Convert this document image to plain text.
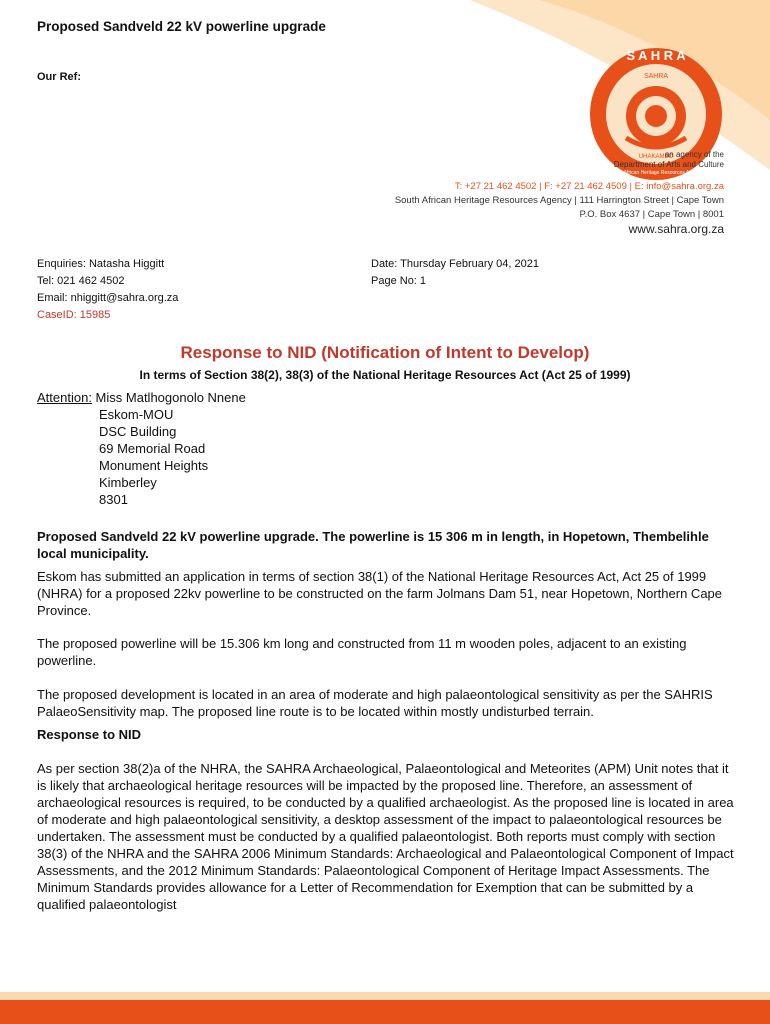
Proposed Sandveld 22 kV powerline upgrade
Our Ref:
S A H R A
SAHRA
UHAKAMBO
South African Heritage Resources Agency
an agency of the
Department of Arts and Culture
T: +27 21 462 4502 | F: +27 21 462 4509 | E: info@sahra.org.za
South African Heritage Resources Agency | 111 Harrington Street | Cape Town
P.O. Box 4637 | Cape Town | 8001
www.sahra.org.za
Enquiries: Natasha Higgitt
Tel: 021 462 4502
Email: nhiggitt@sahra.org.za
CaseID: 15985
Date: Thursday February 04, 2021
Page No: 1
Response to NID (Notification of Intent to Develop)
In terms of Section 38(2), 38(3) of the National Heritage Resources Act (Act 25 of 1999)
Attention: Miss Matlhogonolo Nnene
Eskom-MOU
DSC Building
69 Memorial Road
Monument Heights
Kimberley
8301
Proposed Sandveld 22 kV powerline upgrade. The powerline is 15 306 m in length, in Hopetown, Thembelihle local municipality.
Eskom has submitted an application in terms of section 38(1) of the National Heritage Resources Act, Act 25 of 1999 (NHRA) for a proposed 22kv powerline to be constructed on the farm Jolmans Dam 51, near Hopetown, Northern Cape Province.
The proposed powerline will be 15.306 km long and constructed from 11 m wooden poles, adjacent to an existing powerline.
The proposed development is located in an area of moderate and high palaeontological sensitivity as per the SAHRIS PalaeoSensitivity map. The proposed line route is to be located within mostly undisturbed terrain.
Response to NID
As per section 38(2)a of the NHRA, the SAHRA Archaeological, Palaeontological and Meteorites (APM) Unit notes that it is likely that archaeological heritage resources will be impacted by the proposed line. Therefore, an assessment of archaeological resources is required, to be conducted by a qualified archaeologist. As the proposed line is located in area of moderate and high palaeontological sensitivity, a desktop assessment of the impact to palaeontological resources be undertaken. The assessment must be conducted by a qualified palaeontologist. Both reports must comply with section 38(3) of the NHRA and the SAHRA 2006 Minimum Standards: Archaeological and Palaeontological Component of Impact Assessments, and the 2012 Minimum Standards: Palaeontological Component of Heritage Impact Assessments. The Minimum Standards provides allowance for a Letter of Recommendation for Exemption that can be submitted by a qualified palaeontologist
